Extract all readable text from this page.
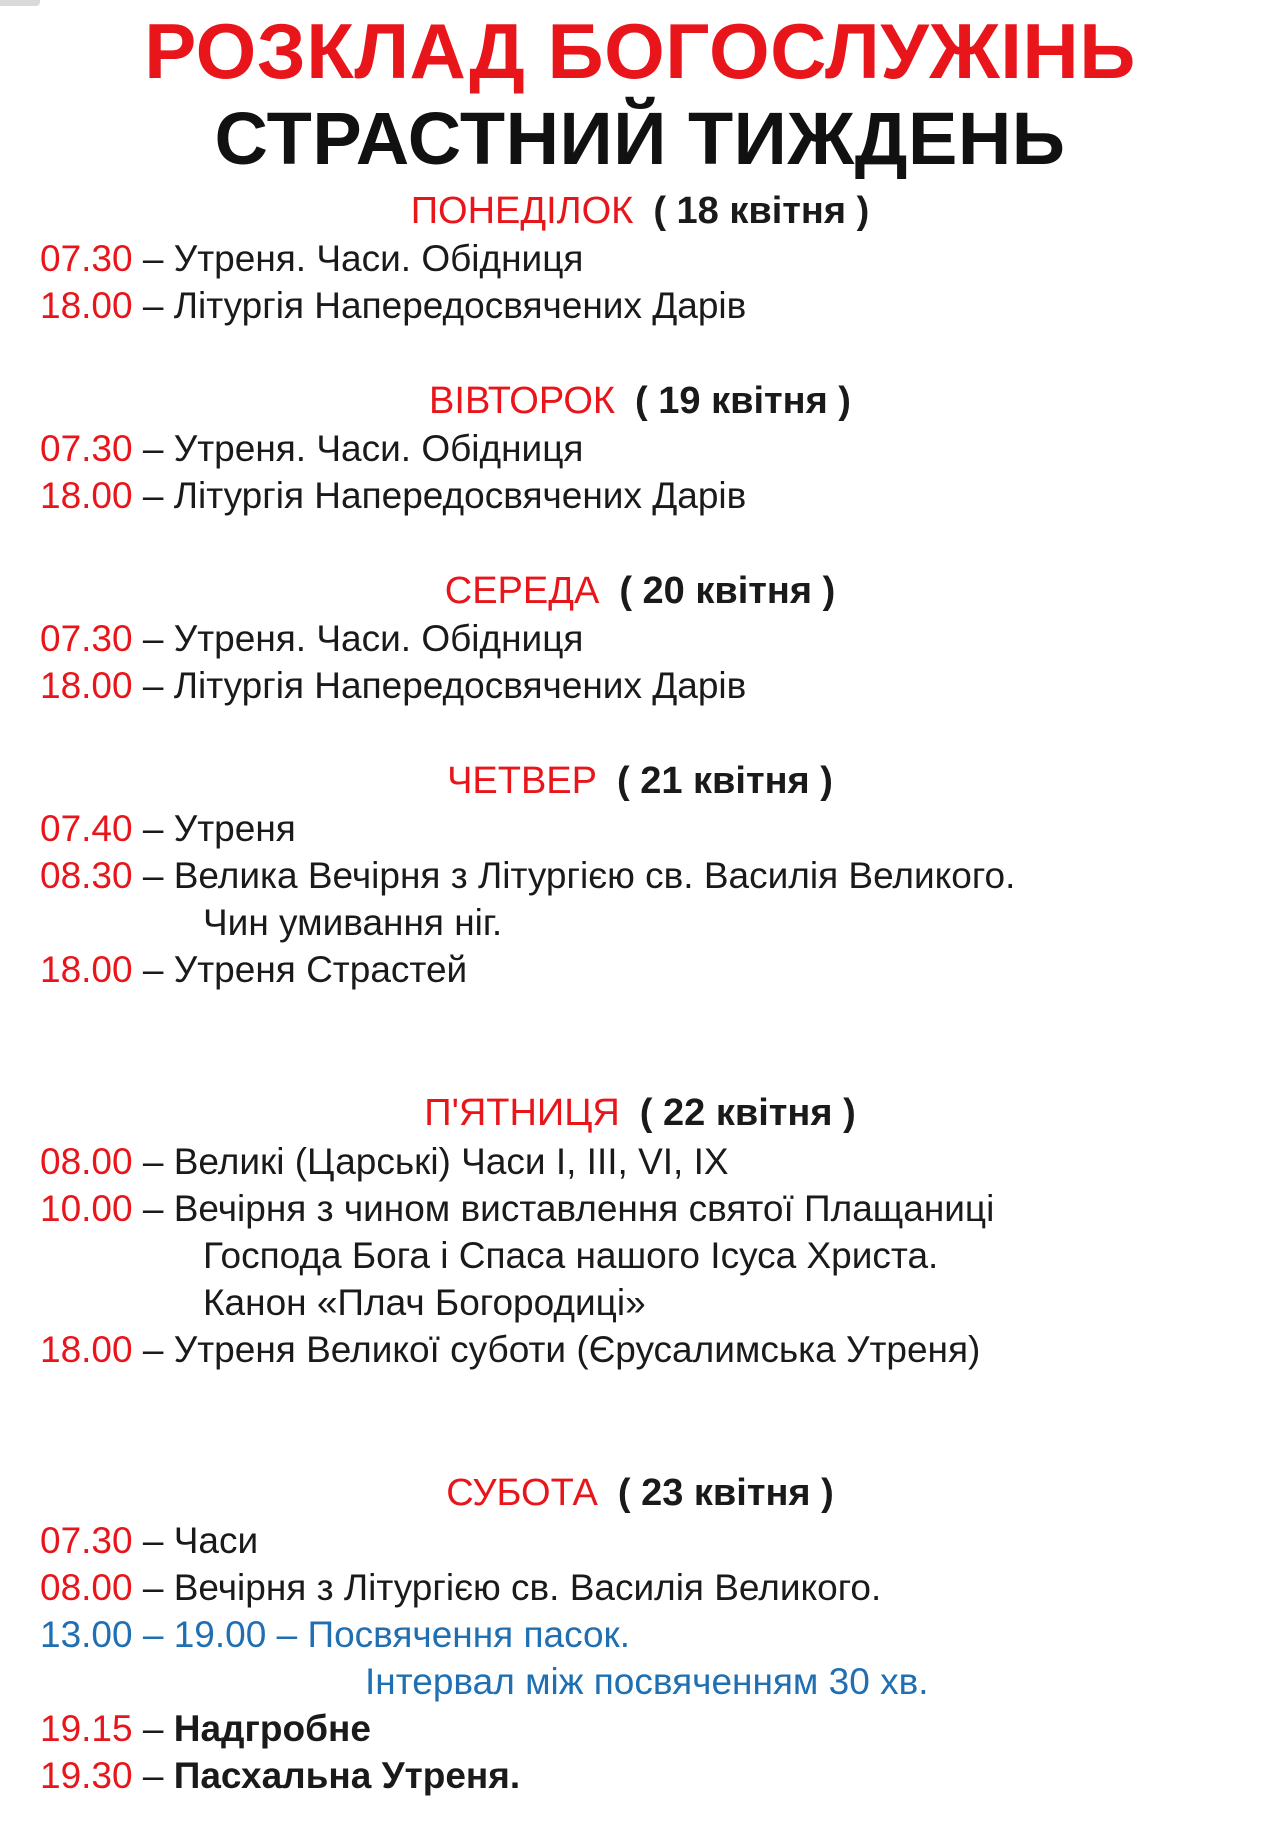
РОЗКЛАД БОГОСЛУЖІНЬ
СТРАСТНИЙ ТИЖДЕНЬ
ПОНЕДІЛОК ( 18 квітня )
07.30 – Утреня. Часи. Обідниця
18.00 – Літургія Напередосвячених Дарів
ВІВТОРОК ( 19 квітня )
07.30 – Утреня. Часи. Обідниця
18.00 – Літургія Напередосвячених Дарів
СЕРЕДА ( 20 квітня )
07.30 – Утреня. Часи. Обідниця
18.00 – Літургія Напередосвячених Дарів
ЧЕТВЕР ( 21 квітня )
07.40 – Утреня
08.30 – Велика Вечірня з Літургією св. Василія Великого.
Чин умивання ніг.
18.00 – Утреня Страстей
П'ЯТНИЦЯ ( 22 квітня )
08.00 – Великі (Царські) Часи І, ІІІ, VI, IX
10.00 – Вечірня з чином виставлення святої Плащаниці
Господа Бога і Спаса нашого Ісуса Христа.
Канон «Плач Богородиці»
18.00 – Утреня Великої суботи (Єрусалимська Утреня)
СУБОТА ( 23 квітня )
07.30 – Часи
08.00 – Вечірня з Літургією св. Василія Великого.
13.00 – 19.00 – Посвячення пасок.
Інтервал між посвяченням 30 хв.
19.15 – Надгробне
19.30 – Пасхальна Утреня.
